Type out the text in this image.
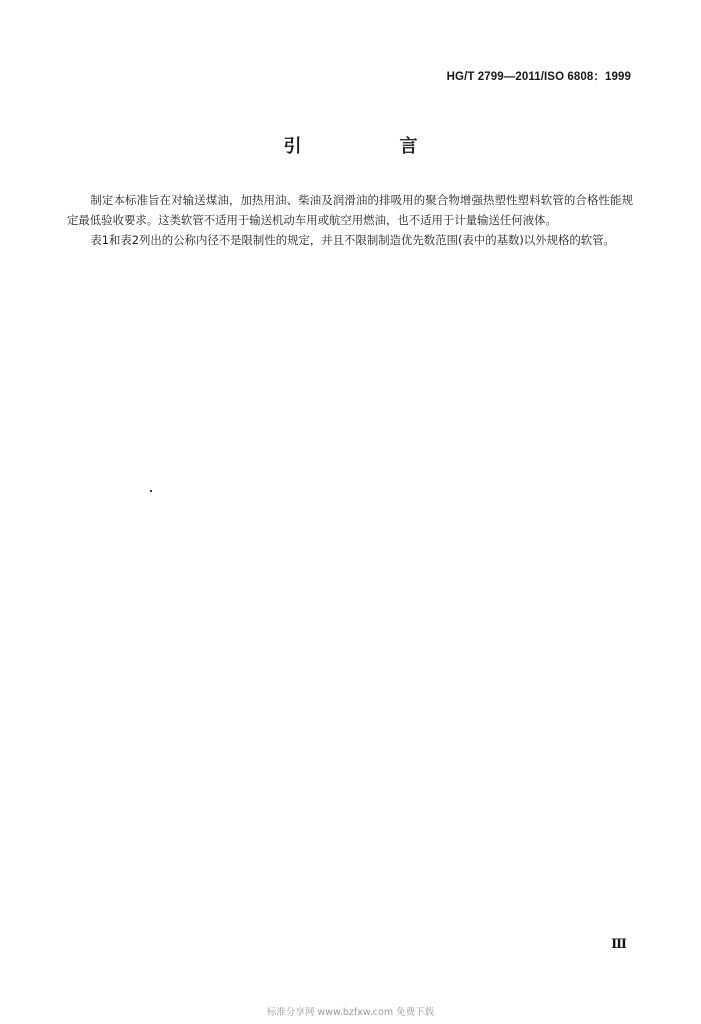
HG/T 2799—2011/ISO 6808：1999
引　言

制定本标准旨在对输送煤油，加热用油、柴油及润滑油的排吸用的聚合物增强热塑性塑料软管的合格性能规定最低验收要求。这类软管不适用于输送机动车用或航空用燃油，也不适用于计量输送任何液体。

表1和表2列出的公称内径不是限制性的规定，并且不限制制造优先数范围(表中的基数)以外规格的软管。

Ⅲ
标准分享网 www.bzfxw.com 免费下载
